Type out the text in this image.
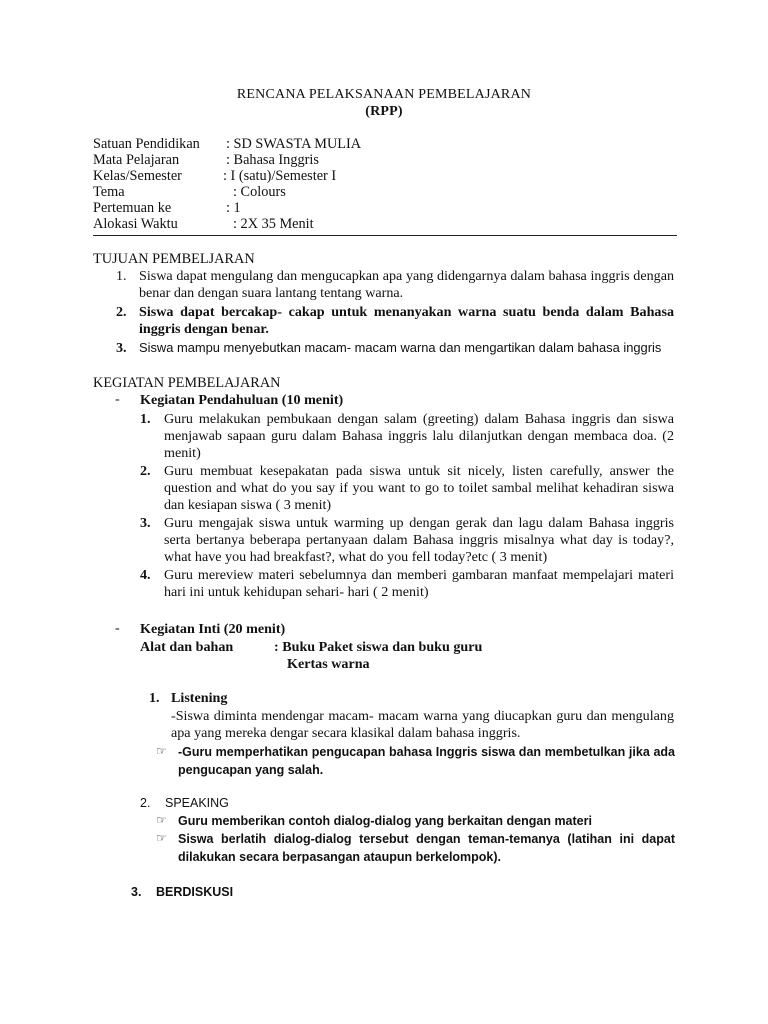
RENCANA PELAKSANAAN PEMBELAJARAN
(RPP)
Satuan Pendidikan : SD SWASTA MULIA
Mata Pelajaran	: Bahasa Inggris
Kelas/Semester	: I (satu)/Semester I
Tema	: Colours
Pertemuan ke	: 1
Alokasi Waktu	: 2X 35 Menit
TUJUAN PEMBELJARAN
1. Siswa dapat mengulang dan mengucapkan apa yang didengarnya dalam bahasa inggris dengan benar dan dengan suara lantang tentang warna.
2. Siswa dapat bercakap- cakap untuk menanyakan warna suatu benda dalam Bahasa inggris dengan benar.
3. Siswa mampu menyebutkan macam- macam warna dan mengartikan dalam bahasa inggris
KEGIATAN PEMBELAJARAN
- Kegiatan Pendahuluan (10 menit)
1. Guru melakukan pembukaan dengan salam (greeting) dalam Bahasa inggris dan siswa menjawab sapaan guru dalam Bahasa inggris lalu dilanjutkan dengan membaca doa. (2 menit)
2. Guru membuat kesepakatan pada siswa untuk sit nicely, listen carefully, answer the question and what do you say if you want to go to toilet sambal melihat kehadiran siswa dan kesiapan siswa ( 3 menit)
3. Guru mengajak siswa untuk warming up dengan gerak dan lagu dalam Bahasa inggris serta bertanya beberapa pertanyaan dalam Bahasa inggris misalnya what day is today?, what have you had breakfast?, what do you fell today?etc ( 3 menit)
4. Guru mereview materi sebelumnya dan memberi gambaran manfaat mempelajari materi hari ini untuk kehidupan sehari- hari ( 2 menit)
- Kegiatan Inti (20 menit)
Alat dan bahan	: Buku Paket siswa dan buku guru
Kertas warna
1. Listening
-Siswa diminta mendengar macam- macam warna yang diucapkan guru dan mengulang apa yang mereka dengar secara klasikal dalam bahasa inggris.
☞ -Guru memperhatikan pengucapan bahasa Inggris siswa dan membetulkan jika ada pengucapan yang salah.
2. SPEAKING
☞ Guru memberikan contoh dialog-dialog yang berkaitan dengan materi
☞ Siswa berlatih dialog-dialog tersebut dengan teman-temanya (latihan ini dapat dilakukan secara berpasangan ataupun berkelompok).
3. BERDISKUSI
